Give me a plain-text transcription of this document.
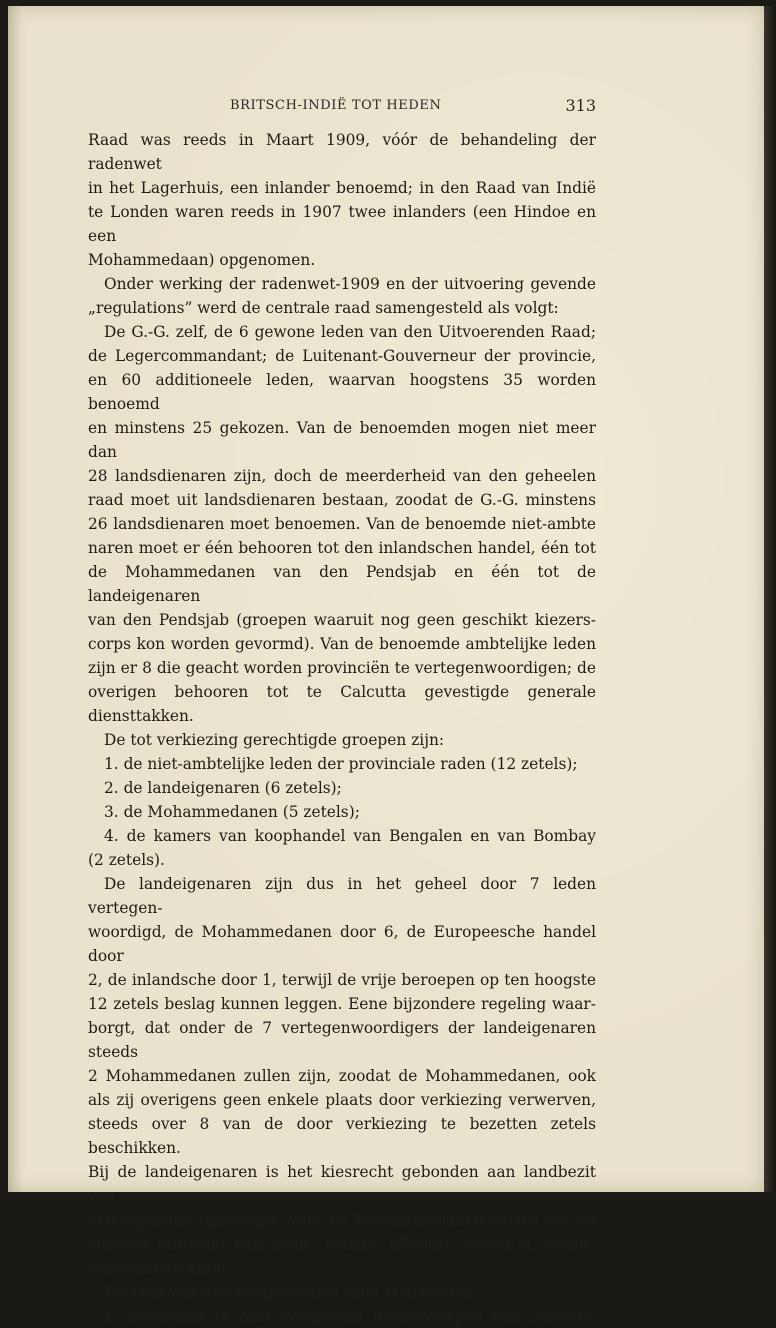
BRITSCH-INDIË TOT HEDEN	313

Raad was reeds in Maart 1909, vóór de behandeling der radenwet

in het Lagerhuis, een inlander benoemd; in den Raad van Indië

te Londen waren reeds in 1907 twee inlanders (een Hindoe en een

Mohammedaan) opgenomen.

Onder werking der radenwet-1909 en der uitvoering gevende

„regulations” werd de centrale raad samengesteld als volgt:

De G.-G. zelf, de 6 gewone leden van den Uitvoerenden Raad;

de Legercommandant; de Luitenant-Gouverneur der provincie,

en 60 additioneele leden, waarvan hoogstens 35 worden benoemd

en minstens 25 gekozen. Van de benoemden mogen niet meer dan

28 landsdienaren zijn, doch de meerderheid van den geheelen

raad moet uit landsdienaren bestaan, zoodat de G.-G. minstens

26 landsdienaren moet benoemen. Van de benoemde niet-ambte

naren moet er één behooren tot den inlandschen handel, één tot

de Mohammedanen van den Pendsjab en één tot de landeigenaren

van den Pendsjab (groepen waaruit nog geen geschikt kiezers-

corps kon worden gevormd). Van de benoemde ambtelijke leden

zijn er 8 die geacht worden provinciën te vertegenwoordigen; de

overigen behooren tot te Calcutta gevestigde generale diensttakken.

De tot verkiezing gerechtigde groepen zijn:

1. de niet-ambtelijke leden der provinciale raden (12 zetels);

2. de landeigenaren (6 zetels);

3. de Mohammedanen (5 zetels);

4. de kamers van koophandel van Bengalen en van Bombay

(2 zetels).

De landeigenaren zijn dus in het geheel door 7 leden vertegen-

woordigd, de Mohammedanen door 6, de Europeesche handel door

2, de inlandsche door 1, terwijl de vrije beroepen op ten hoogste

12 zetels beslag kunnen leggen. Eene bijzondere regeling waar-

borgt, dat onder de 7 vertegenwoordigers der landeigenaren steeds

2 Mohammedanen zullen zijn, zoodat de Mohammedanen, ook

als zij overigens geen enkele plaats door verkiezing verwerven,

steeds over 8 van de door verkiezing te bezetten zetels beschikken.

Bij de landeigenaren is het kiesrecht gebonden aan landbezit van

een bepaalde opbrengst; voor de Mohammedanen berust het op

aanzien ontleend aan bezit, kennis, afkomst, eeretitel, onder-

scheiding of ambt.

De taak van den wetgevenden raad is drieërlei:

1. beslissing in zake wetgeving (onderworpen aan „assent”
